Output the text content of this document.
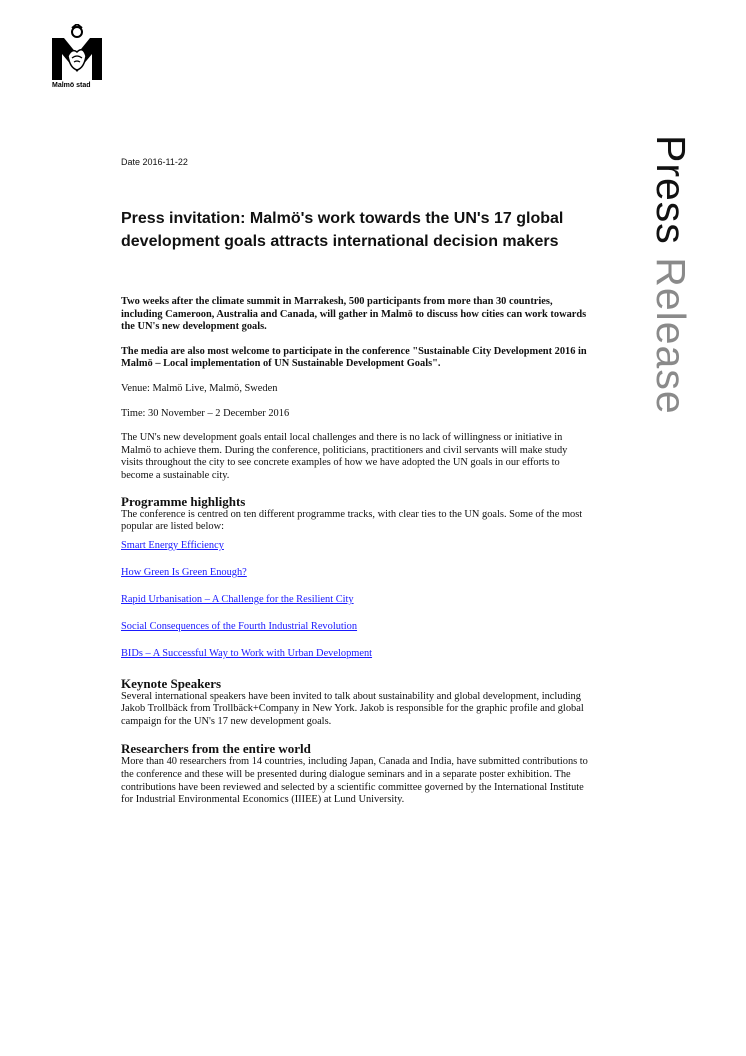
Malmö stad
Press Release
Date 2016-11-22
Press invitation: Malmö's work towards the UN's 17 global development goals attracts international decision makers

Two weeks after the climate summit in Marrakesh, 500 participants from more than 30 countries, including Cameroon, Australia and Canada, will gather in Malmö to discuss how cities can work towards the UN's new development goals.

The media are also most welcome to participate in the conference "Sustainable City Development 2016 in Malmö – Local implementation of UN Sustainable Development Goals".

Venue: Malmö Live, Malmö, Sweden

Time: 30 November – 2 December 2016

The UN's new development goals entail local challenges and there is no lack of willingness or initiative in Malmö to achieve them. During the conference, politicians, practitioners and civil servants will make study visits throughout the city to see concrete examples of how we have adopted the UN goals in our efforts to become a sustainable city.

Programme highlights

The conference is centred on ten different programme tracks, with clear ties to the UN goals. Some of the most popular are listed below:

Smart Energy Efficiency
How Green Is Green Enough?
Rapid Urbanisation – A Challenge for the Resilient City
Social Consequences of the Fourth Industrial Revolution
BIDs – A Successful Way to Work with Urban Development
Keynote Speakers

Several international speakers have been invited to talk about sustainability and global development, including Jakob Trollbäck from Trollbäck+Company in New York. Jakob is responsible for the graphic profile and global campaign for the UN's 17 new development goals.

Researchers from the entire world

More than 40 researchers from 14 countries, including Japan, Canada and India, have submitted contributions to the conference and these will be presented during dialogue seminars and in a separate poster exhibition. The contributions have been reviewed and selected by a scientific committee governed by the International Institute for Industrial Environmental Economics (IIIEE) at Lund University.
